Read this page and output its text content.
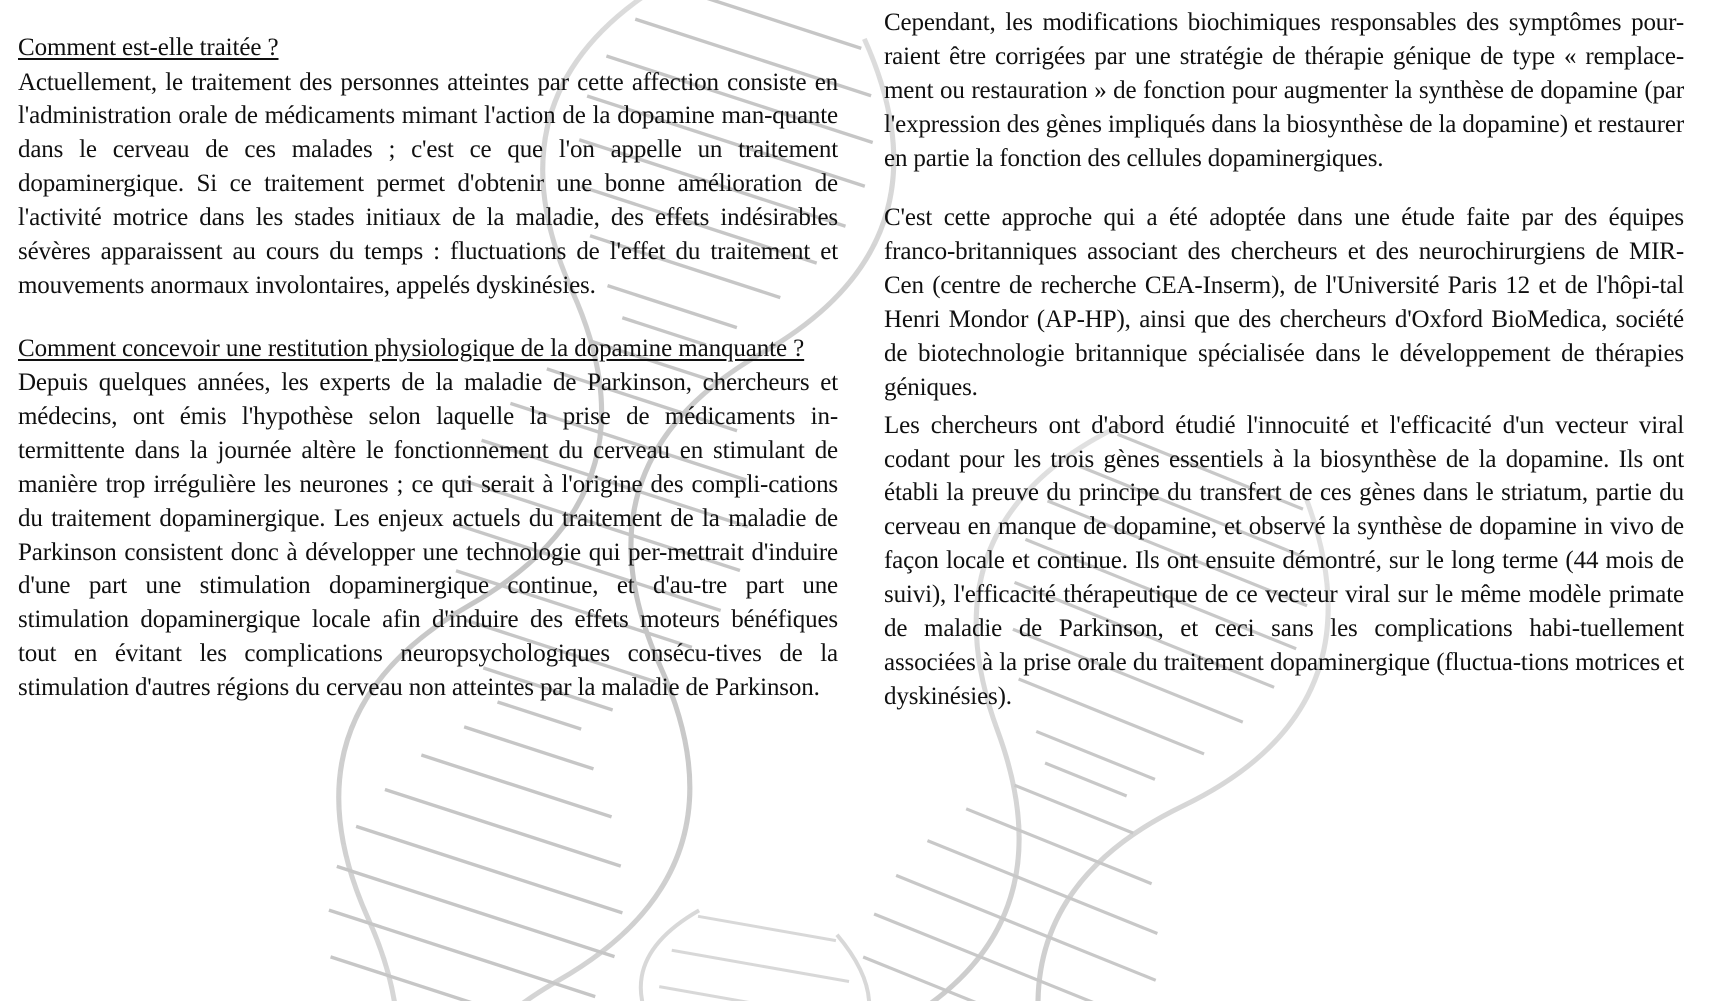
Comment est-elle traitée ?

Actuellement, le traitement des personnes atteintes par cette affection consiste en l'administration orale de médicaments mimant l'action de la dopamine man-quante dans le cerveau de ces malades ; c'est ce que l'on appelle un traitement dopaminergique. Si ce traitement permet d'obtenir une bonne amélioration de l'activité motrice dans les stades initiaux de la maladie, des effets indésirables sévères apparaissent au cours du temps : fluctuations de l'effet du traitement et mouvements anormaux involontaires, appelés dyskinésies.

Comment concevoir une restitution physiologique de la dopamine manquante ?

Depuis quelques années, les experts de la maladie de Parkinson, chercheurs et médecins, ont émis l'hypothèse selon laquelle la prise de médicaments in-termittente dans la journée altère le fonctionnement du cerveau en stimulant de manière trop irrégulière les neurones ; ce qui serait à l'origine des compli-cations du traitement dopaminergique. Les enjeux actuels du traitement de la maladie de Parkinson consistent donc à développer une technologie qui per-mettrait d'induire d'une part une stimulation dopaminergique continue, et d'au-tre part une stimulation dopaminergique locale afin d'induire des effets moteurs bénéfiques tout en évitant les complications neuropsychologiques consécu-tives de la stimulation d'autres régions du cerveau non atteintes par la maladie de Parkinson.

Cependant, les modifications biochimiques responsables des symptômes pour-raient être corrigées par une stratégie de thérapie génique de type « remplace-ment ou restauration » de fonction pour augmenter la synthèse de dopamine (par l'expression des gènes impliqués dans la biosynthèse de la dopamine) et restaurer en partie la fonction des cellules dopaminergiques.

C'est cette approche qui a été adoptée dans une étude faite par des équipes franco-britanniques associant des chercheurs et des neurochirurgiens de MIR-Cen (centre de recherche CEA-Inserm), de l'Université Paris 12 et de l'hôpi-tal Henri Mondor (AP-HP), ainsi que des chercheurs d'Oxford BioMedica, société de biotechnologie britannique spécialisée dans le développement de thérapies géniques.

Les chercheurs ont d'abord étudié l'innocuité et l'efficacité d'un vecteur viral codant pour les trois gènes essentiels à la biosynthèse de la dopamine. Ils ont établi la preuve du principe du transfert de ces gènes dans le striatum, partie du cerveau en manque de dopamine, et observé la synthèse de dopamine in vivo de façon locale et continue. Ils ont ensuite démontré, sur le long terme (44 mois de suivi), l'efficacité thérapeutique de ce vecteur viral sur le même modèle primate de maladie de Parkinson, et ceci sans les complications habi-tuellement associées à la prise orale du traitement dopaminergique (fluctua-tions motrices et dyskinésies).
